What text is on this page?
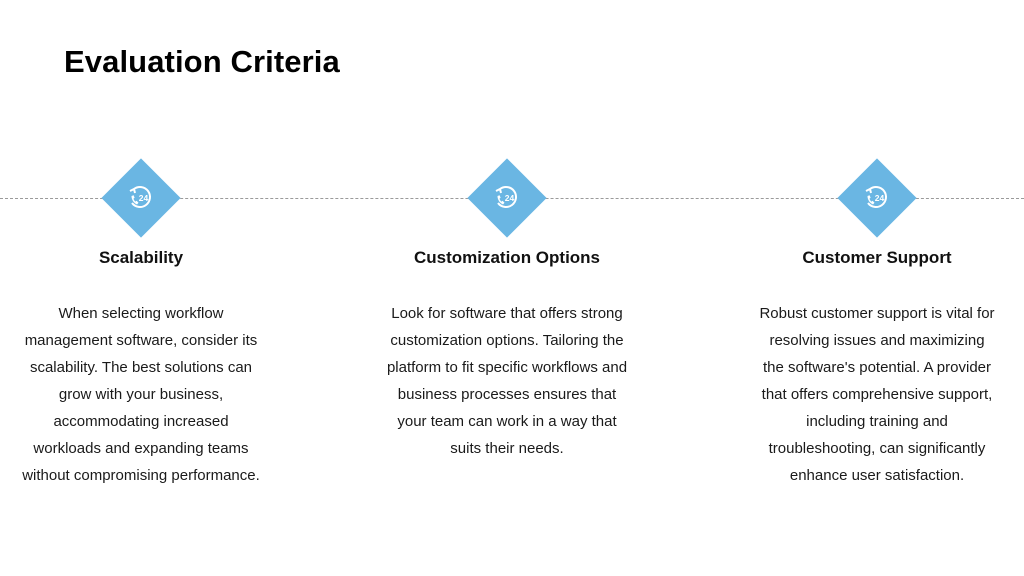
Evaluation Criteria
24
Scalability
When selecting workflow management software, consider its scalability. The best solutions can grow with your business, accommodating increased workloads and expanding teams without compromising performance.
24
Customization Options
Look for software that offers strong customization options. Tailoring the platform to fit specific workflows and business processes ensures that your team can work in a way that suits their needs.
24
Customer Support
Robust customer support is vital for resolving issues and maximizing the software's potential. A provider that offers comprehensive support, including training and troubleshooting, can significantly enhance user satisfaction.
